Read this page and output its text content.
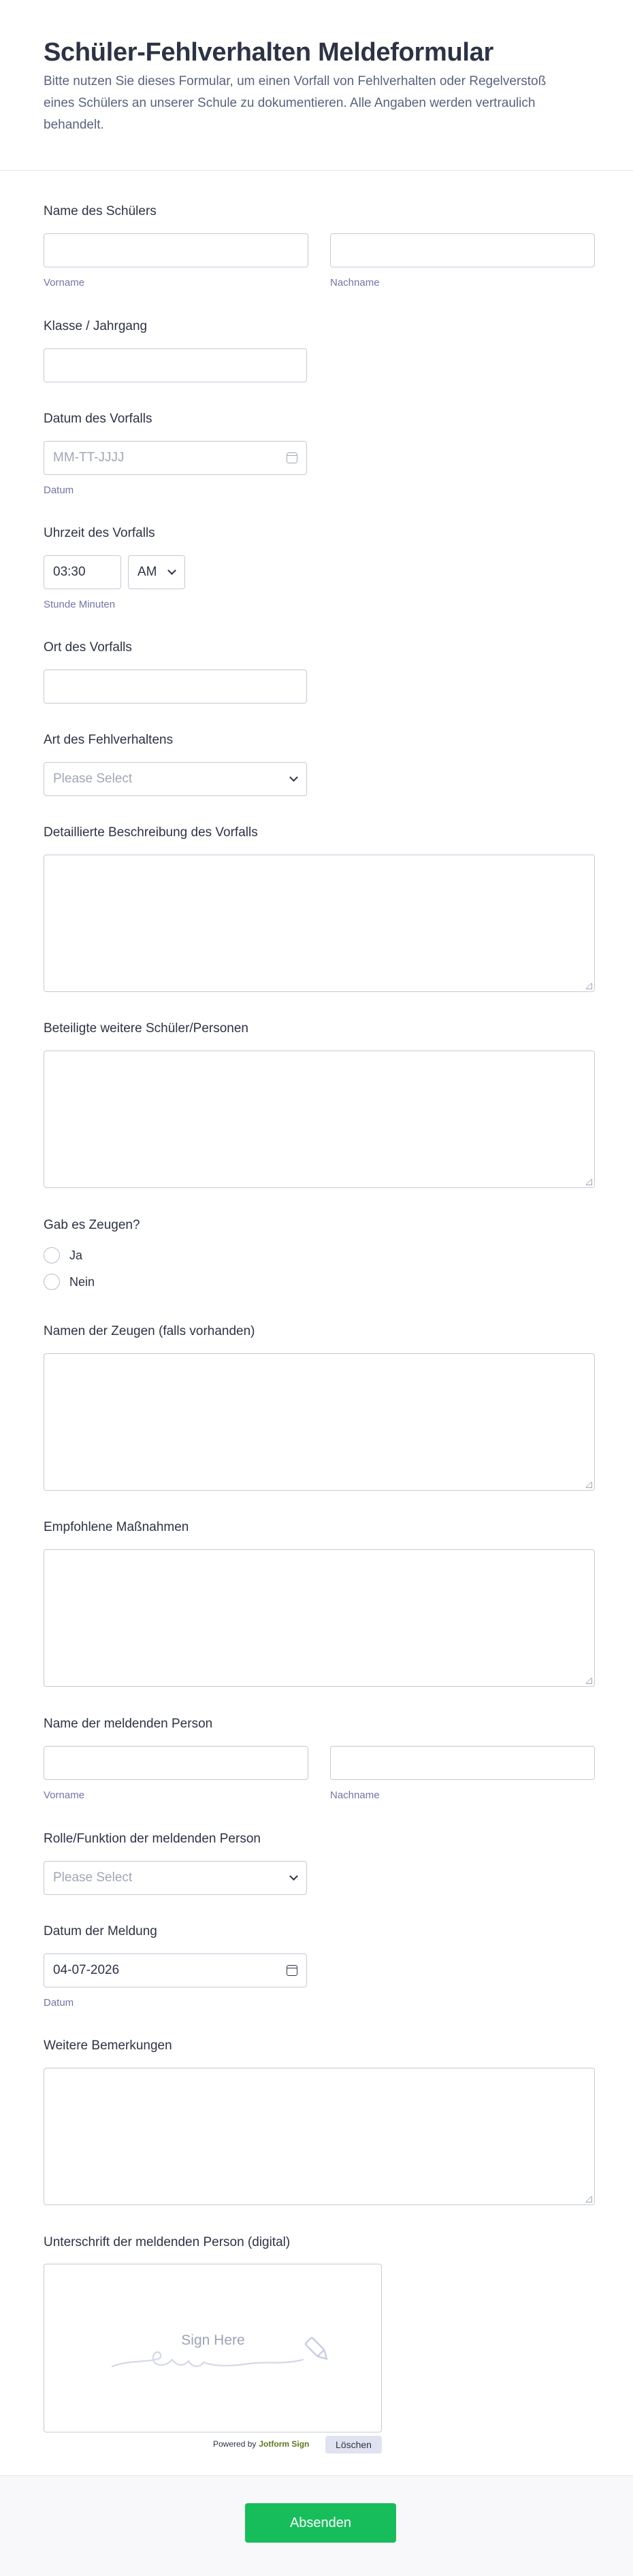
Schüler-Fehlverhalten Meldeformular

Bitte nutzen Sie dieses Formular, um einen Vorfall von Fehlverhalten oder Regelverstoß eines Schülers an unserer Schule zu dokumentieren. Alle Angaben werden vertraulich behandelt.

Name des Schülers
Vorname	Nachname
Klasse / Jahrgang
Datum des Vorfalls
MM-TT-JJJJ
Datum
Uhrzeit des Vorfalls
03:30	AM
Stunde Minuten
Ort des Vorfalls
Art des Fehlverhaltens
Please Select
Detaillierte Beschreibung des Vorfalls
Beteiligte weitere Schüler/Personen
Gab es Zeugen?
Ja
Nein
Namen der Zeugen (falls vorhanden)
Empfohlene Maßnahmen
Name der meldenden Person
Vorname	Nachname
Rolle/Funktion der meldenden Person
Please Select
Datum der Meldung
04-07-2026
Datum
Weitere Bemerkungen
Unterschrift der meldenden Person (digital)
Sign Here
Powered by Jotform Sign	Löschen
Absenden
